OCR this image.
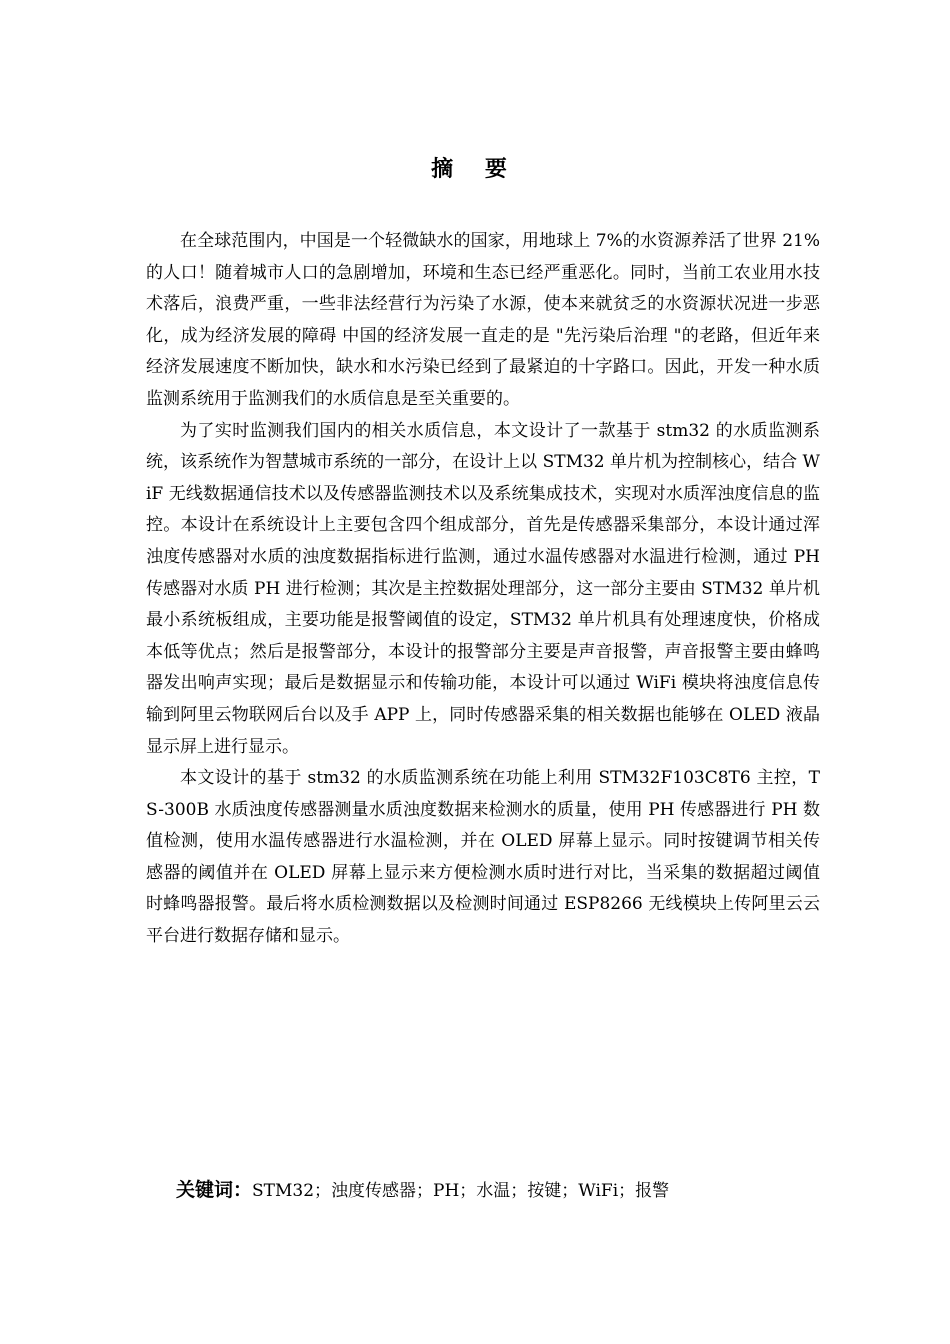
摘 要

在全球范围内，中国是一个轻微缺水的国家，用地球上 7%的水资源养活了世界 21%的人口！随着城市人口的急剧增加，环境和生态已经严重恶化。同时，当前工农业用水技术落后，浪费严重，一些非法经营行为污染了水源，使本来就贫乏的水资源状况进一步恶化，成为经济发展的障碍 中国的经济发展一直走的是 "先污染后治理 "的老路，但近年来经济发展速度不断加快，缺水和水污染已经到了最紧迫的十字路口。因此，开发一种水质监测系统用于监测我们的水质信息是至关重要的。

为了实时监测我们国内的相关水质信息，本文设计了一款基于 stm32 的水质监测系统，该系统作为智慧城市系统的一部分，在设计上以 STM32 单片机为控制核心，结合 WiF 无线数据通信技术以及传感器监测技术以及系统集成技术，实现对水质浑浊度信息的监控。本设计在系统设计上主要包含四个组成部分，首先是传感器采集部分，本设计通过浑浊度传感器对水质的浊度数据指标进行监测，通过水温传感器对水温进行检测，通过 PH 传感器对水质 PH 进行检测；其次是主控数据处理部分，这一部分主要由 STM32 单片机最小系统板组成，主要功能是报警阈值的设定，STM32 单片机具有处理速度快，价格成本低等优点；然后是报警部分，本设计的报警部分主要是声音报警，声音报警主要由蜂鸣器发出响声实现；最后是数据显示和传输功能，本设计可以通过 WiFi 模块将浊度信息传输到阿里云物联网后台以及手 APP 上，同时传感器采集的相关数据也能够在 OLED 液晶显示屏上进行显示。

本文设计的基于 stm32 的水质监测系统在功能上利用 STM32F103C8T6 主控，TS-300B 水质浊度传感器测量水质浊度数据来检测水的质量，使用 PH 传感器进行 PH 数值检测，使用水温传感器进行水温检测，并在 OLED 屏幕上显示。同时按键调节相关传感器的阈值并在 OLED 屏幕上显示来方便检测水质时进行对比，当采集的数据超过阈值时蜂鸣器报警。最后将水质检测数据以及检测时间通过 ESP8266 无线模块上传阿里云云平台进行数据存储和显示。

关键词：STM32；浊度传感器；PH；水温；按键；WiFi；报警
